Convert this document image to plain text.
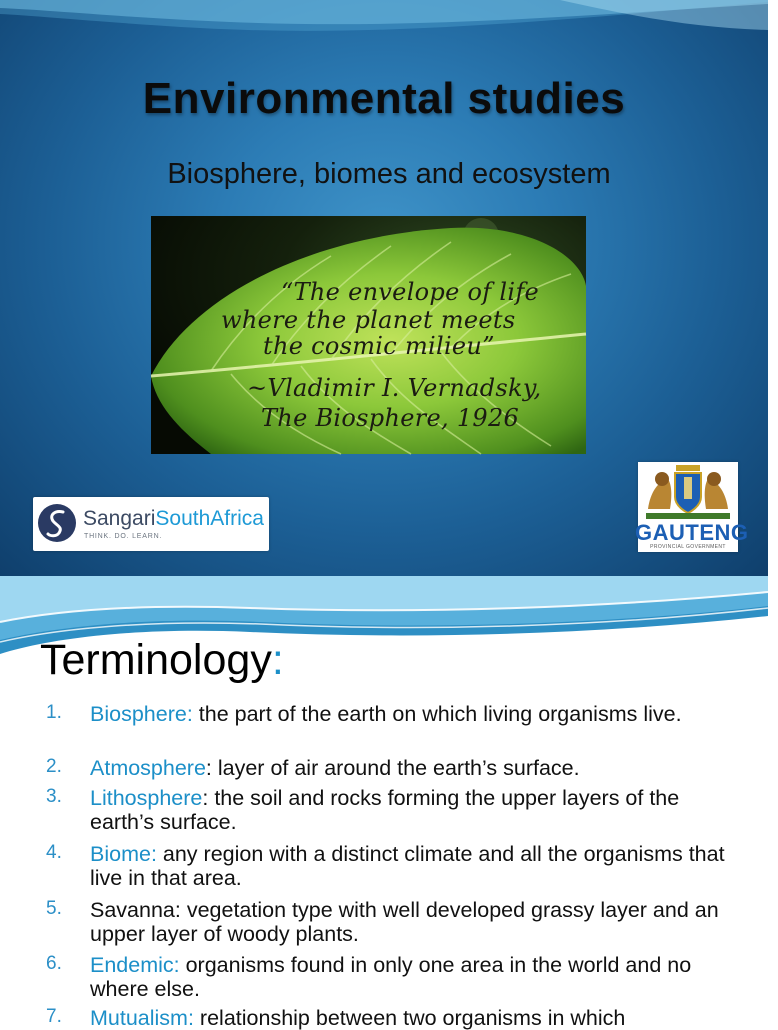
Environmental studies

Biosphere, biomes and ecosystem

“The envelope of life
where the planet meets
the cosmic milieu”
~Vladimir I. Vernadsky,
The Biosphere, 1926
SangariSouthAfrica
THINK. DO. LEARN.	GAUTENG
PROVINCIAL GOVERNMENT
Terminology:
1. Biosphere: the part of the earth on which living organisms live.
2. Atmosphere: layer of air around the earth’s surface.
3. Lithosphere: the soil and rocks forming the upper layers of the earth’s surface.
4. Biome: any region with a distinct climate and all the organisms that live in that area.
5. Savanna: vegetation type with well developed grassy layer and an upper layer of woody plants.
6. Endemic: organisms found in only one area in the world and no where else.
7. Mutualism: relationship between two organisms in which
